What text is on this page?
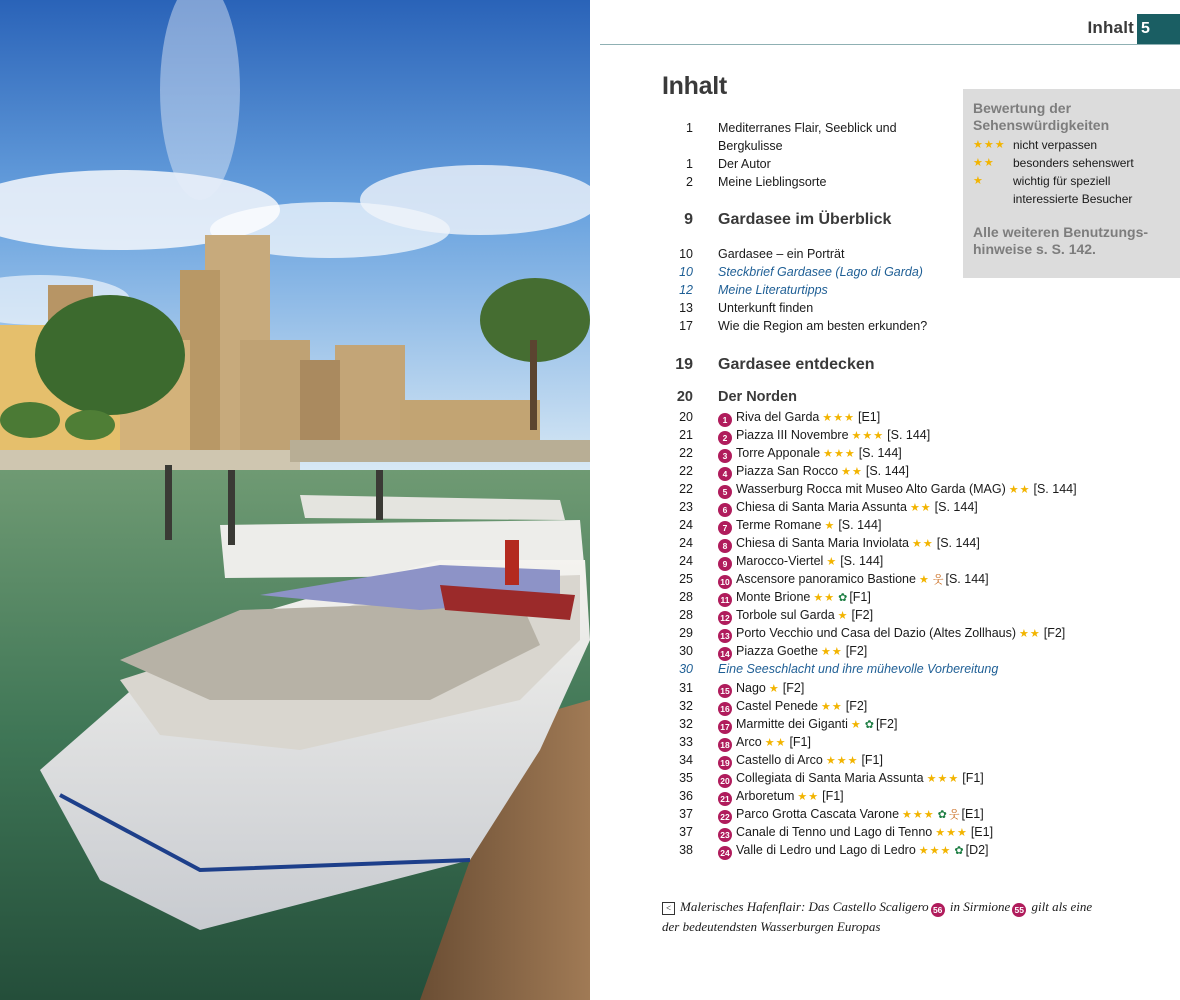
Inhalt 5
Inhalt
Bewertung der
Sehenswürdigkeiten
★★★ nicht verpassen
★★ besonders sehenswert
★ wichtig für speziell
interessierte Besucher
Alle weiteren Benutzungs-
hinweise s. S. 142.
1 Mediterranes Flair, Seeblick und
Bergkulisse
1 Der Autor
2 Meine Lieblingsorte
9 Gardasee im Überblick
10 Gardasee – ein Porträt
10 Steckbrief Gardasee (Lago di Garda)
12 Meine Literaturtipps
13 Unterkunft finden
17 Wie die Region am besten erkunden?
19 Gardasee entdecken
20 Der Norden
20	1 Riva del Garda ★★★ [E1]
21	2 Piazza III Novembre ★★★ [S. 144]
22	3 Torre Apponale ★★★ [S. 144]
22	4 Piazza San Rocco ★★ [S. 144]
22	5 Wasserburg Rocca mit Museo Alto Garda (MAG) ★★ [S. 144]
23	6 Chiesa di Santa Maria Assunta ★★ [S. 144]
24	7 Terme Romane ★ [S. 144]
24	8 Chiesa di Santa Maria Inviolata ★★ [S. 144]
24	9 Marocco-Viertel ★ [S. 144]
25	10 Ascensore panoramico Bastione ★ 웃 [S. 144]
28	11 Monte Brione ★★ ✿ [F1]
28	12 Torbole sul Garda ★ [F2]
29	13 Porto Vecchio und Casa del Dazio (Altes Zollhaus) ★★ [F2]
30	14 Piazza Goethe ★★ [F2]
30 Eine Seeschlacht und ihre mühevolle Vorbereitung
31	15 Nago ★ [F2]
32	16 Castel Penede ★★ [F2]
32	17 Marmitte dei Giganti ★ ✿ [F2]
33	18 Arco ★★ [F1]
34	19 Castello di Arco ★★★ [F1]
35	20 Collegiata di Santa Maria Assunta ★★★ [F1]
36	21 Arboretum ★★ [F1]
37	22 Parco Grotta Cascata Varone ★★★ ✿ 웃 [E1]
37	23 Canale di Tenno und Lago di Tenno ★★★ [E1]
38	24 Valle di Ledro und Lago di Ledro ★★★ ✿ [D2]
< Malerisches Hafenflair: Das Castello Scaligero 56 in Sirmione 55 gilt als eine
der bedeutendsten Wasserburgen Europas
